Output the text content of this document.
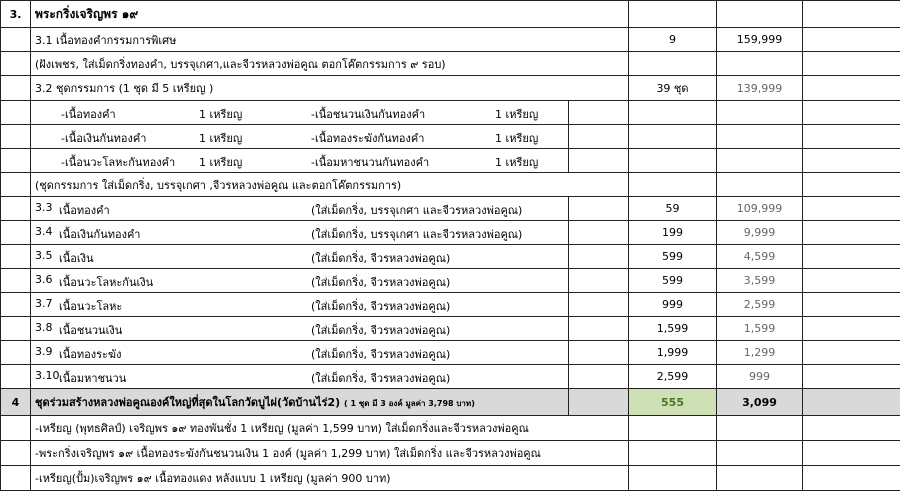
3.	พระกริ่งเจริญพร ๑๙				
	3.1 เนื้อทองคำกรรมการพิเศษ		9	159,999	
	(ฝังเพชร, ใส่เม็ดกริ่งทองคำ, บรรจุเกศา,และจีวรหลวงพ่อคูณ ตอกโค๊ตกรรมการ ๙ รอบ)				
	3.2 ชุดกรรมการ (1 ชุด มี 5 เหรียญ )		39 ชุด	139,999	

	-เนื้อทองคำ 1 เหรียญ -เนื้อชนวนเงินกันทองคำ 1 เหรียญ				

	-เนื้อเงินกันทองคำ 1 เหรียญ -เนื้อทองระฆังกันทองคำ 1 เหรียญ				

	-เนื้อนวะโลหะกันทองคำ 1 เหรียญ -เนื้อมหาชนวนกันทองคำ 1 เหรียญ				

	(ชุดกรรมการ ใส่เม็ดกริ่ง, บรรจุเกศา ,จีวรหลวงพ่อคูณ และตอกโค๊ตกรรมการ)				

	3.3 เนื้อทองคำ (ใส่เม็ดกริ่ง, บรรจุเกศา และจีวรหลวงพ่อคูณ)		59	109,999	

	3.4 เนื้อเงินกันทองคำ (ใส่เม็ดกริ่ง, บรรจุเกศา และจีวรหลวงพ่อคูณ)		199	9,999	

	3.5 เนื้อเงิน (ใส่เม็ดกริ่ง, จีวรหลวงพ่อคูณ)		599	4,599	

	3.6 เนื้อนวะโลหะกันเงิน (ใส่เม็ดกริ่ง, จีวรหลวงพ่อคูณ)		599	3,599	

	3.7 เนื้อนวะโลหะ (ใส่เม็ดกริ่ง, จีวรหลวงพ่อคูณ)		999	2,599	

	3.8 เนื้อชนวนเงิน (ใส่เม็ดกริ่ง, จีวรหลวงพ่อคูณ)		1,599	1,599	

	3.9 เนื้อทองระฆัง (ใส่เม็ดกริ่ง, จีวรหลวงพ่อคูณ)		1,999	1,299	

	3.10 เนื้อมหาชนวน (ใส่เม็ดกริ่ง, จีวรหลวงพ่อคูณ)		2,599	999	
4	ชุดร่วมสร้างหลวงพ่อคูณองค์ใหญ่ที่สุดในโลกวัดบูไผ่(วัดบ้านไร่2) ( 1 ชุด มี 3 องค์ มูลค่า 3,798 บาท)		555	3,099	
	-เหรียญ (พุทธศิลป์) เจริญพร ๑๙ ทองพันชั่ง 1 เหรียญ (มูลค่า 1,599 บาท) ใส่เม็ดกริ่งและจีวรหลวงพ่อคูณ				
	-พระกริ่งเจริญพร ๑๙ เนื้อทองระฆังกันชนวนเงิน 1 องค์ (มูลค่า 1,299 บาท) ใส่เม็ดกริ่ง และจีวรหลวงพ่อคูณ				
	-เหรียญ(ปั้ม)เจริญพร ๑๙ เนื้อทองแดง หลังแบบ 1 เหรียญ (มูลค่า 900 บาท)				
